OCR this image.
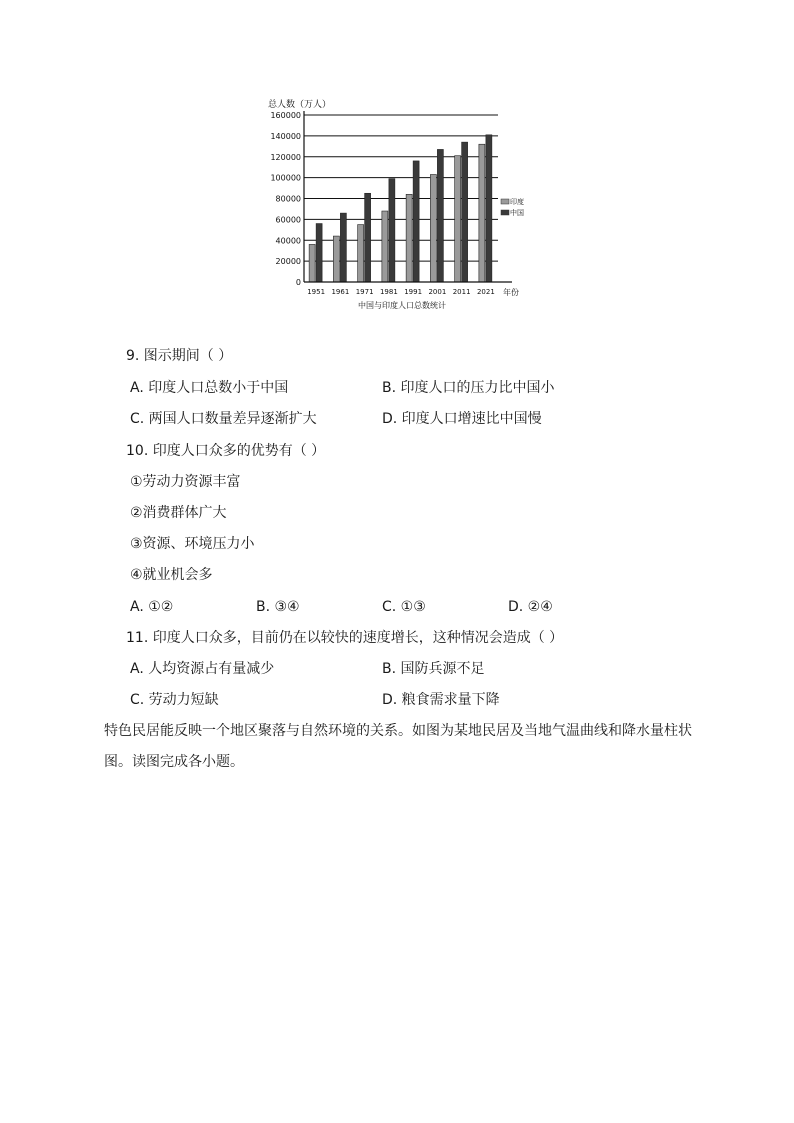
总人数（万人）
0
20000
40000
60000
80000
100000
120000
140000
160000
1951 1961 1971 1981 1991 2001 2011 2021 年份
中国与印度人口总数统计
印度
中国
9. 图示期间（ ）
A. 印度人口总数小于中国	B. 印度人口的压力比中国小
C. 两国人口数量差异逐渐扩大	D. 印度人口增速比中国慢
10. 印度人口众多的优势有（ ）
①劳动力资源丰富
②消费群体广大
③资源、环境压力小
④就业机会多
A. ①②	B. ③④	C. ①③	D. ②④
11. 印度人口众多，目前仍在以较快的速度增长，这种情况会造成（ ）
A. 人均资源占有量减少	B. 国防兵源不足
C. 劳动力短缺	D. 粮食需求量下降
特色民居能反映一个地区聚落与自然环境的关系。如图为某地民居及当地气温曲线和降水量柱状
图。读图完成各小题。
